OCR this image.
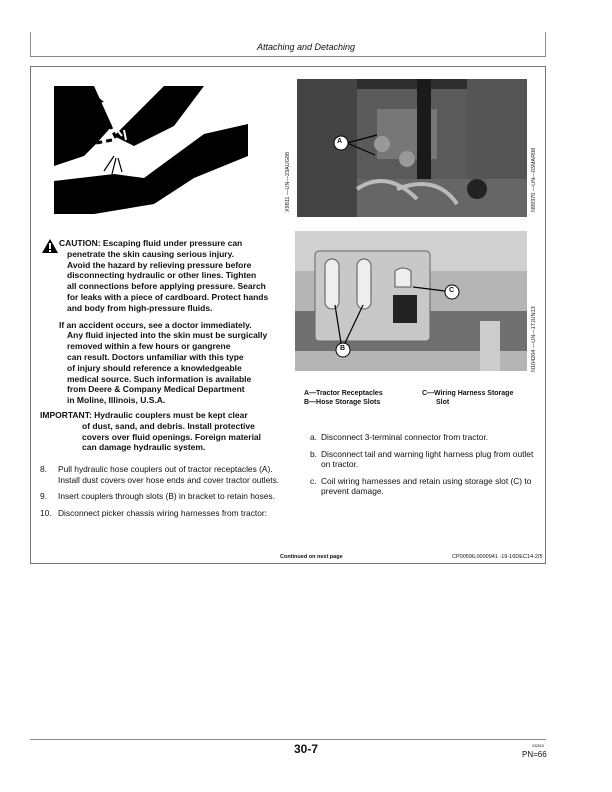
Attaching and Detaching
X9811 —UN—23AUG88
A
N99370 —UN—03MAR08
C
B	N104204 —UN—17JUN13

CAUTION: Escaping fluid under pressure can
penetrate the skin causing serious injury.
Avoid the hazard by relieving pressure before
disconnecting hydraulic or other lines. Tighten
all connections before applying pressure. Search
for leaks with a piece of cardboard. Protect hands
and body from high-pressure fluids.

If an accident occurs, see a doctor immediately.
Any fluid injected into the skin must be surgically
removed within a few hours or gangrene
can result. Doctors unfamiliar with this type
of injury should reference a knowledgeable
medical source. Such information is available
from Deere & Company Medical Department
in Moline, Illinois, U.S.A.

IMPORTANT: Hydraulic couplers must be kept clear
of dust, sand, and debris. Install protective
covers over fluid openings. Foreign material
can damage hydraulic system.
8.	Pull hydraulic hose couplers out of tractor receptacles (A). Install dust covers over hose ends and cover tractor outlets.
9.	Insert couplers through slots (B) in bracket to retain hoses.
10. Disconnect picker chassis wiring harnesses from tractor:
A—Tractor Receptacles	C—Wiring Harness Storage
B—Hose Storage Slots	Slot
a. Disconnect 3-terminal connector from tractor.
b. Disconnect tail and warning light harness plug from outlet on tractor.
c. Coil wiring harnesses and retain using storage slot (C) to prevent damage.
Continued on next page	CP00596,0000941 -19-16DEC14-2/5
30-7	032615
PN=66
